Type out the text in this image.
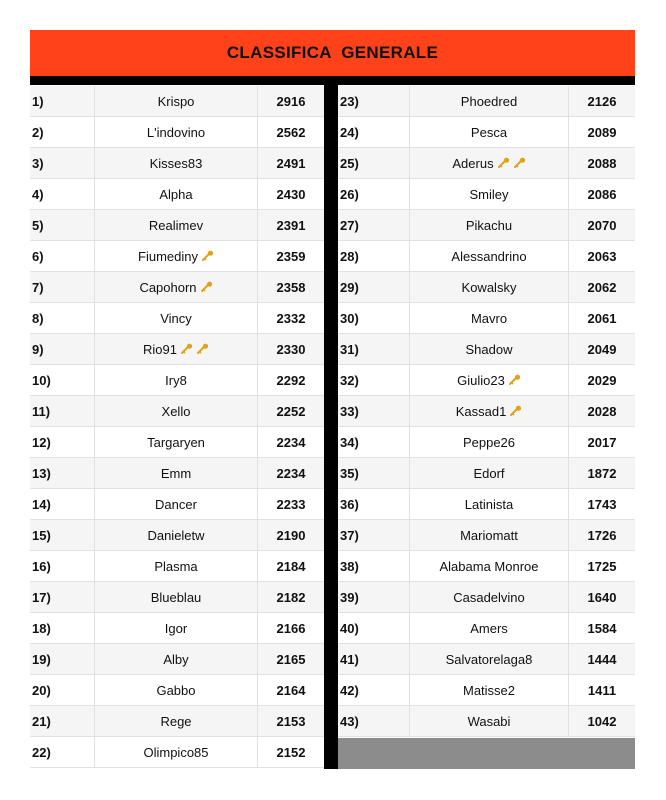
CLASSIFICA  GENERALE
1)	Krispo	2916
2)	L'indovino	2562
3)	Kisses83	2491
4)	Alpha	2430
5)	Realimev	2391
6)	Fiumediny	2359
7)	Capohorn	2358
8)	Vincy	2332
9)	Rio91	2330
10)	Iry8	2292
11)	Xello	2252
12)	Targaryen	2234
13)	Emm	2234
14)	Dancer	2233
15)	Danieletw	2190
16)	Plasma	2184
17)	Blueblau	2182
18)	Igor	2166
19)	Alby	2165
20)	Gabbo	2164
21)	Rege	2153
22)	Olimpico85	2152
23)	Phoedred	2126
24)	Pesca	2089
25)	Aderus	2088
26)	Smiley	2086
27)	Pikachu	2070
28)	Alessandrino	2063
29)	Kowalsky	2062
30)	Mavro	2061
31)	Shadow	2049
32)	Giulio23	2029
33)	Kassad1	2028
34)	Peppe26	2017
35)	Edorf	1872
36)	Latinista	1743
37)	Mariomatt	1726
38)	Alabama Monroe	1725
39)	Casadelvino	1640
40)	Amers	1584
41)	Salvatorelaga8	1444
42)	Matisse2	1411
43)	Wasabi	1042
